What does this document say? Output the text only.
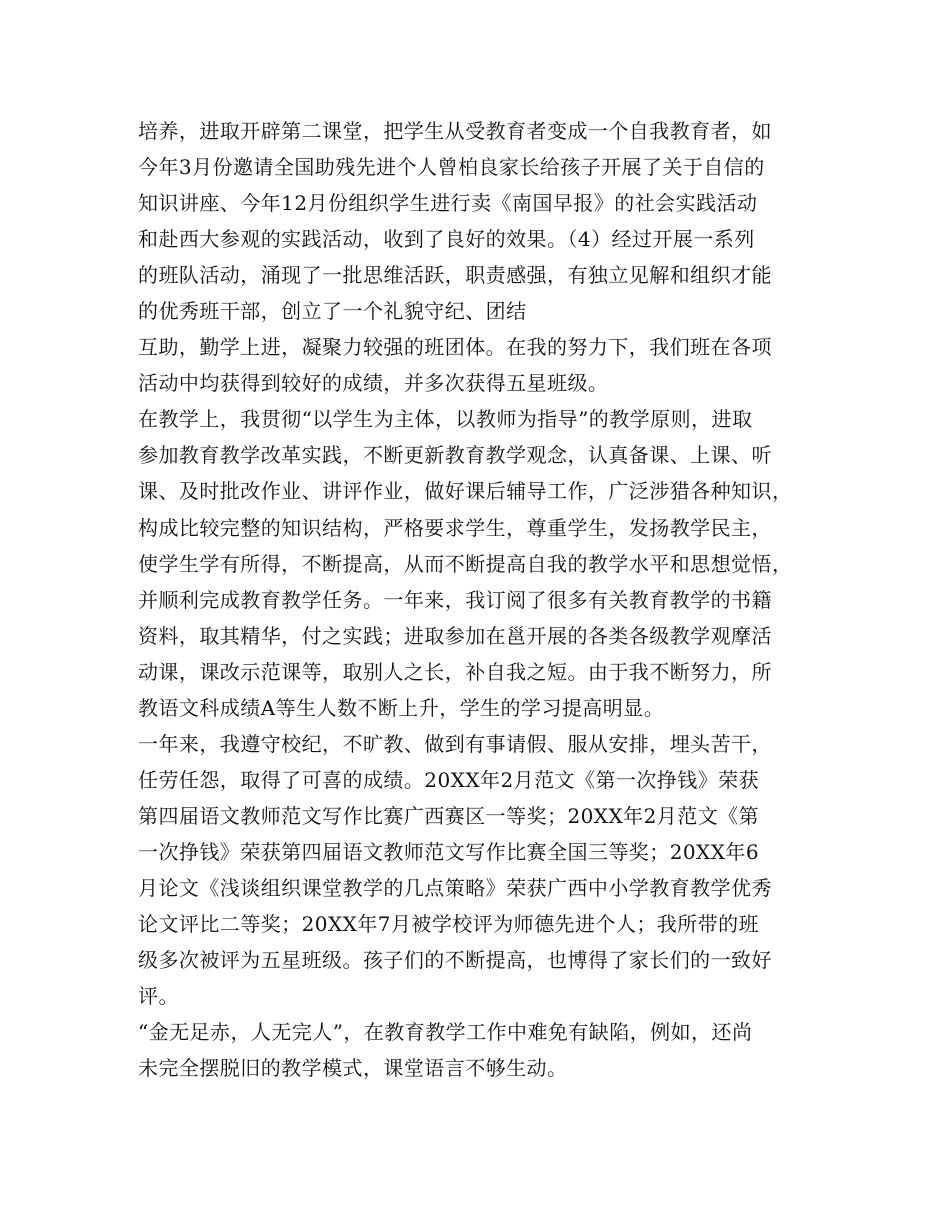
培养，进取开辟第二课堂，把学生从受教育者变成一个自我教育者，如
今年3月份邀请全国助残先进个人曾柏良家长给孩子开展了关于自信的
知识讲座、今年12月份组织学生进行卖《南国早报》的社会实践活动
和赴西大参观的实践活动，收到了良好的效果。（4）经过开展一系列
的班队活动，涌现了一批思维活跃，职责感强，有独立见解和组织才能
的优秀班干部，创立了一个礼貌守纪、团结
互助，勤学上进，凝聚力较强的班团体。在我的努力下，我们班在各项
活动中均获得到较好的成绩，并多次获得五星班级。
在教学上，我贯彻“以学生为主体，以教师为指导”的教学原则，进取
参加教育教学改革实践，不断更新教育教学观念，认真备课、上课、听
课、及时批改作业、讲评作业，做好课后辅导工作，广泛涉猎各种知识，
构成比较完整的知识结构，严格要求学生，尊重学生，发扬教学民主，
使学生学有所得，不断提高，从而不断提高自我的教学水平和思想觉悟，
并顺利完成教育教学任务。一年来，我订阅了很多有关教育教学的书籍
资料，取其精华，付之实践；进取参加在邕开展的各类各级教学观摩活
动课，课改示范课等，取别人之长，补自我之短。由于我不断努力，所
教语文科成绩A等生人数不断上升，学生的学习提高明显。
一年来，我遵守校纪，不旷教、做到有事请假、服从安排，埋头苦干，
任劳任怨，取得了可喜的成绩。20XX年2月范文《第一次挣钱》荣获
第四届语文教师范文写作比赛广西赛区一等奖；20XX年2月范文《第
一次挣钱》荣获第四届语文教师范文写作比赛全国三等奖；20XX年6
月论文《浅谈组织课堂教学的几点策略》荣获广西中小学教育教学优秀
论文评比二等奖；20XX年7月被学校评为师德先进个人；我所带的班
级多次被评为五星班级。孩子们的不断提高，也博得了家长们的一致好
评。
“金无足赤，人无完人”，在教育教学工作中难免有缺陷，例如，还尚
未完全摆脱旧的教学模式，课堂语言不够生动。
